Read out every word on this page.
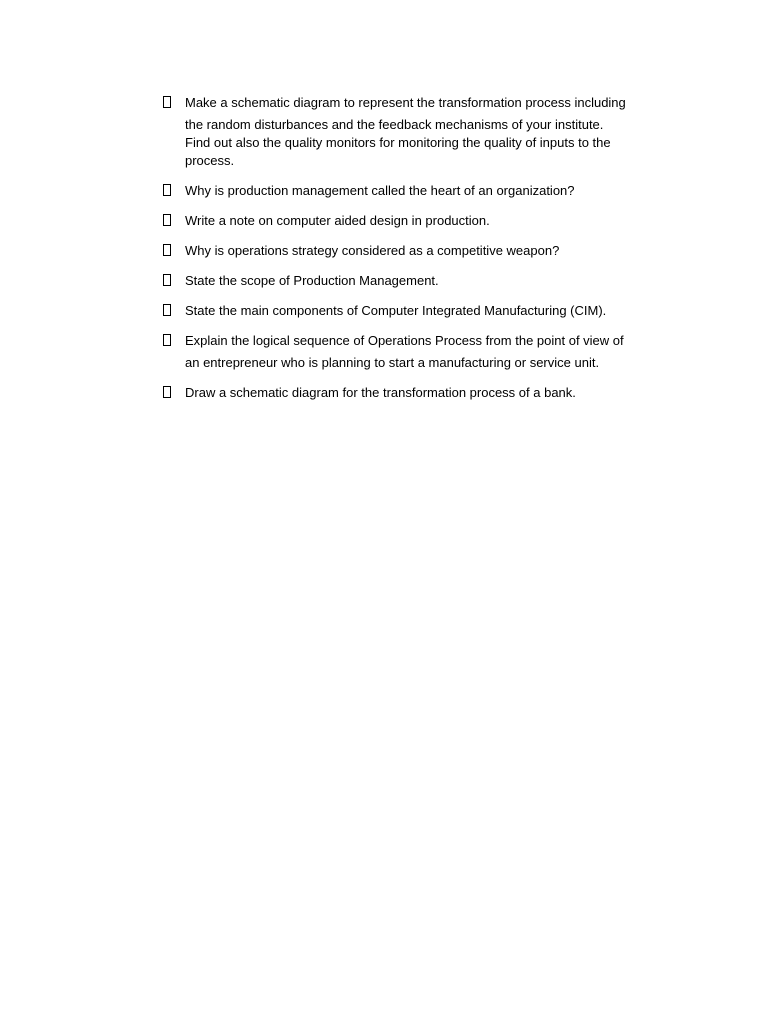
Make a schematic diagram to represent the transformation process including
the random disturbances and the feedback mechanisms of your institute.
Find out also the quality monitors for monitoring the quality of inputs to the
process.
Why is production management called the heart of an organization?
Write a note on computer aided design in production.
Why is operations strategy considered as a competitive weapon?
State the scope of Production Management.
State the main components of Computer Integrated Manufacturing (CIM).
Explain the logical sequence of Operations Process from the point of view of
an entrepreneur who is planning to start a manufacturing or service unit.
Draw a schematic diagram for the transformation process of a bank.
